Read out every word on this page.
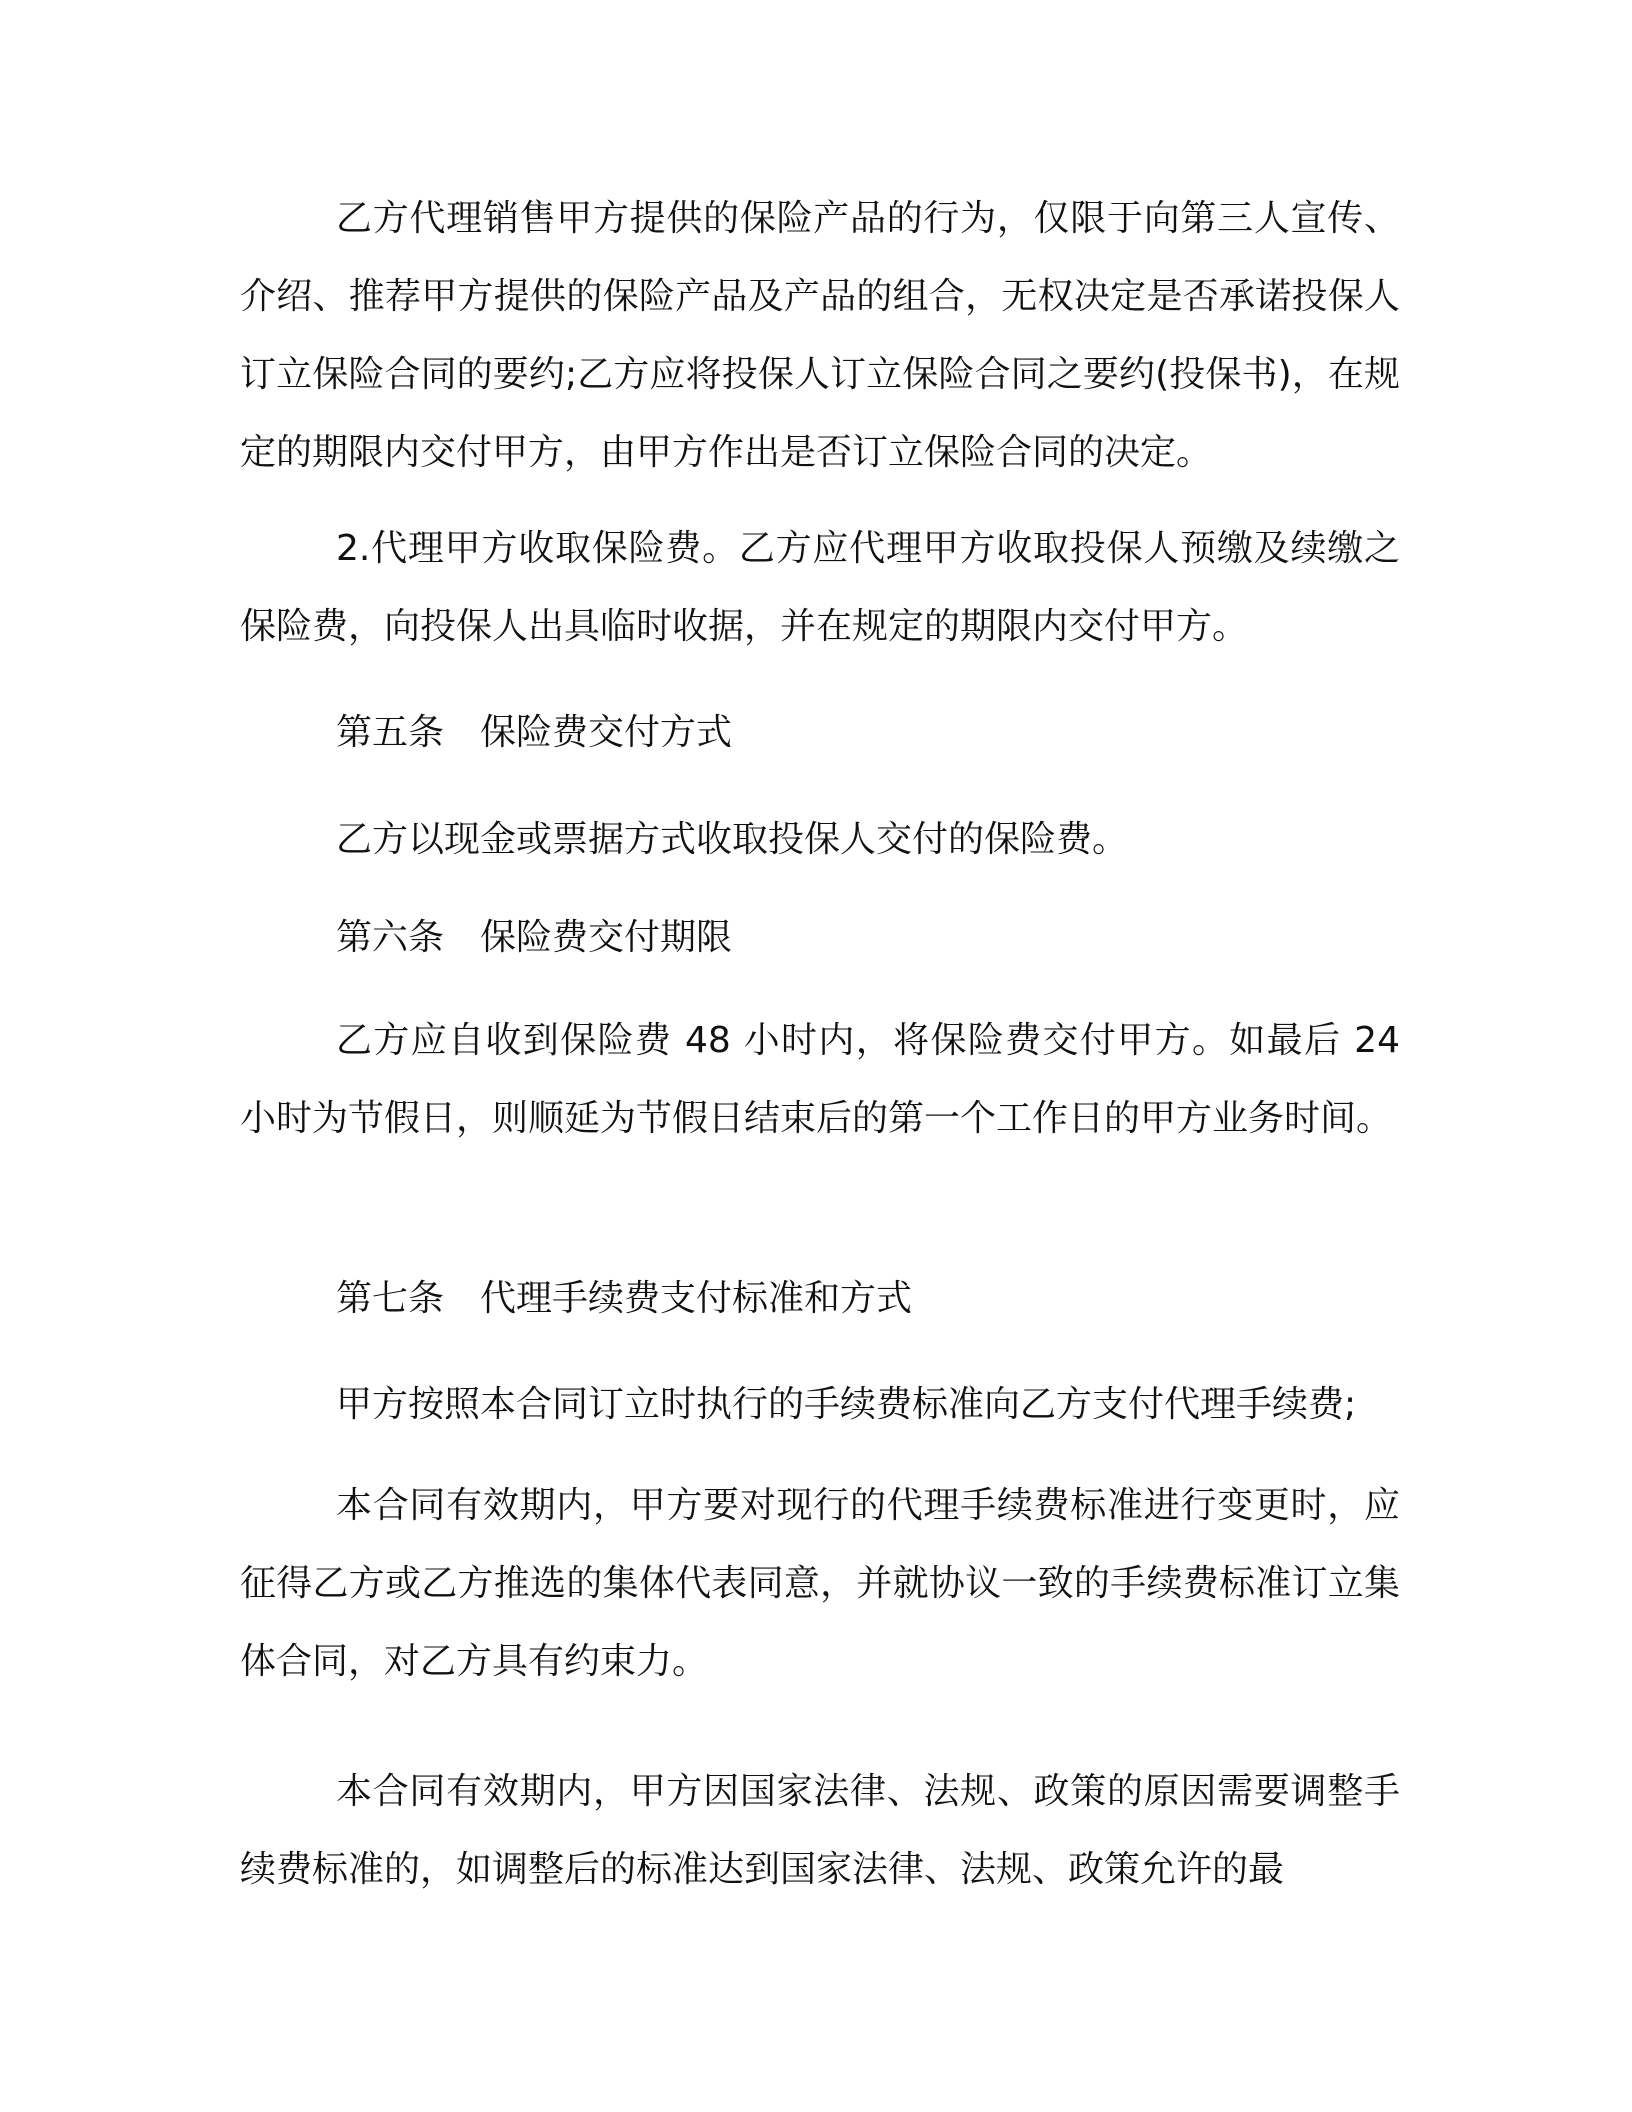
乙方代理销售甲方提供的保险产品的行为，仅限于向第三人宣传、介绍、推荐甲方提供的保险产品及产品的组合，无权决定是否承诺投保人订立保险合同的要约;乙方应将投保人订立保险合同之要约(投保书)，在规定的期限内交付甲方，由甲方作出是否订立保险合同的决定。

2.代理甲方收取保险费。乙方应代理甲方收取投保人预缴及续缴之保险费，向投保人出具临时收据，并在规定的期限内交付甲方。

第五条　保险费交付方式

乙方以现金或票据方式收取投保人交付的保险费。

第六条　保险费交付期限

乙方应自收到保险费 48 小时内，将保险费交付甲方。如最后 24 小时为节假日，则顺延为节假日结束后的第一个工作日的甲方业务时间。

第七条　代理手续费支付标准和方式

甲方按照本合同订立时执行的手续费标准向乙方支付代理手续费;

本合同有效期内，甲方要对现行的代理手续费标准进行变更时，应征得乙方或乙方推选的集体代表同意，并就协议一致的手续费标准订立集体合同，对乙方具有约束力。

本合同有效期内，甲方因国家法律、法规、政策的原因需要调整手续费标准的，如调整后的标准达到国家法律、法规、政策允许的最
